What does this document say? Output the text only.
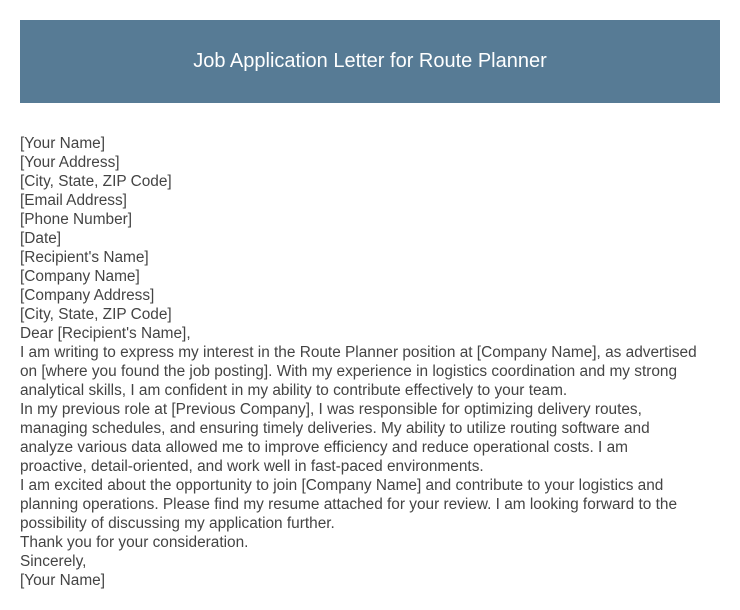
Job Application Letter for Route Planner
[Your Name]
[Your Address]
[City, State, ZIP Code]
[Email Address]
[Phone Number]
[Date]
[Recipient's Name]
[Company Name]
[Company Address]
[City, State, ZIP Code]
Dear [Recipient's Name],
I am writing to express my interest in the Route Planner position at [Company Name], as advertised
on [where you found the job posting]. With my experience in logistics coordination and my strong
analytical skills, I am confident in my ability to contribute effectively to your team.
In my previous role at [Previous Company], I was responsible for optimizing delivery routes,
managing schedules, and ensuring timely deliveries. My ability to utilize routing software and
analyze various data allowed me to improve efficiency and reduce operational costs. I am
proactive, detail-oriented, and work well in fast-paced environments.
I am excited about the opportunity to join [Company Name] and contribute to your logistics and
planning operations. Please find my resume attached for your review. I am looking forward to the
possibility of discussing my application further.
Thank you for your consideration.
Sincerely,
[Your Name]
